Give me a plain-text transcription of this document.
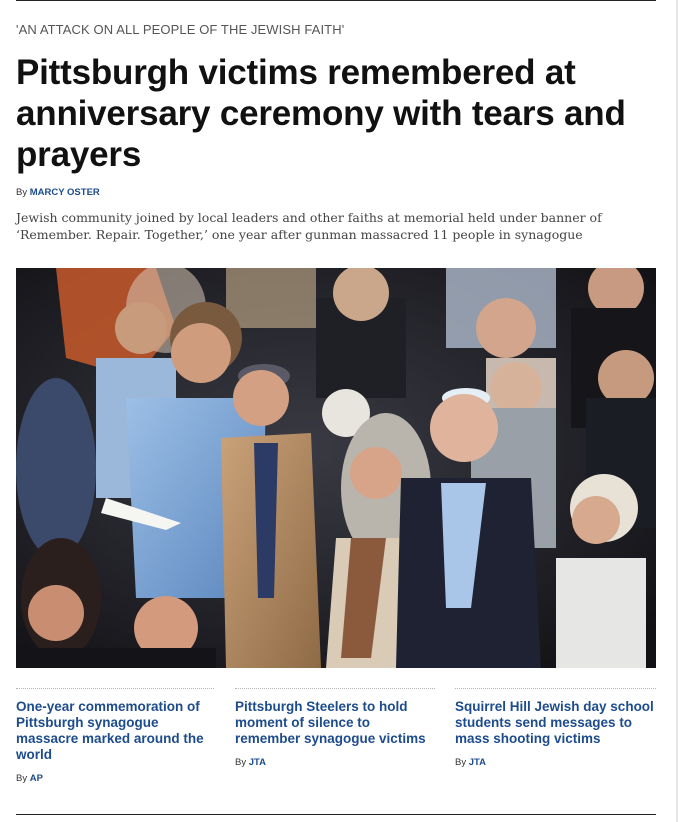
'AN ATTACK ON ALL PEOPLE OF THE JEWISH FAITH'
Pittsburgh victims remembered at anniversary ceremony with tears and prayers
By MARCY OSTER

Jewish community joined by local leaders and other faiths at memorial held under banner of ‘Remember. Repair. Together,’ one year after gunman massacred 11 people in synagogue

One-year commemoration of Pittsburgh synagogue massacre marked around the world
By AP
Pittsburgh Steelers to hold moment of silence to remember synagogue victims
By JTA
Squirrel Hill Jewish day school students send messages to mass shooting victims
By JTA
